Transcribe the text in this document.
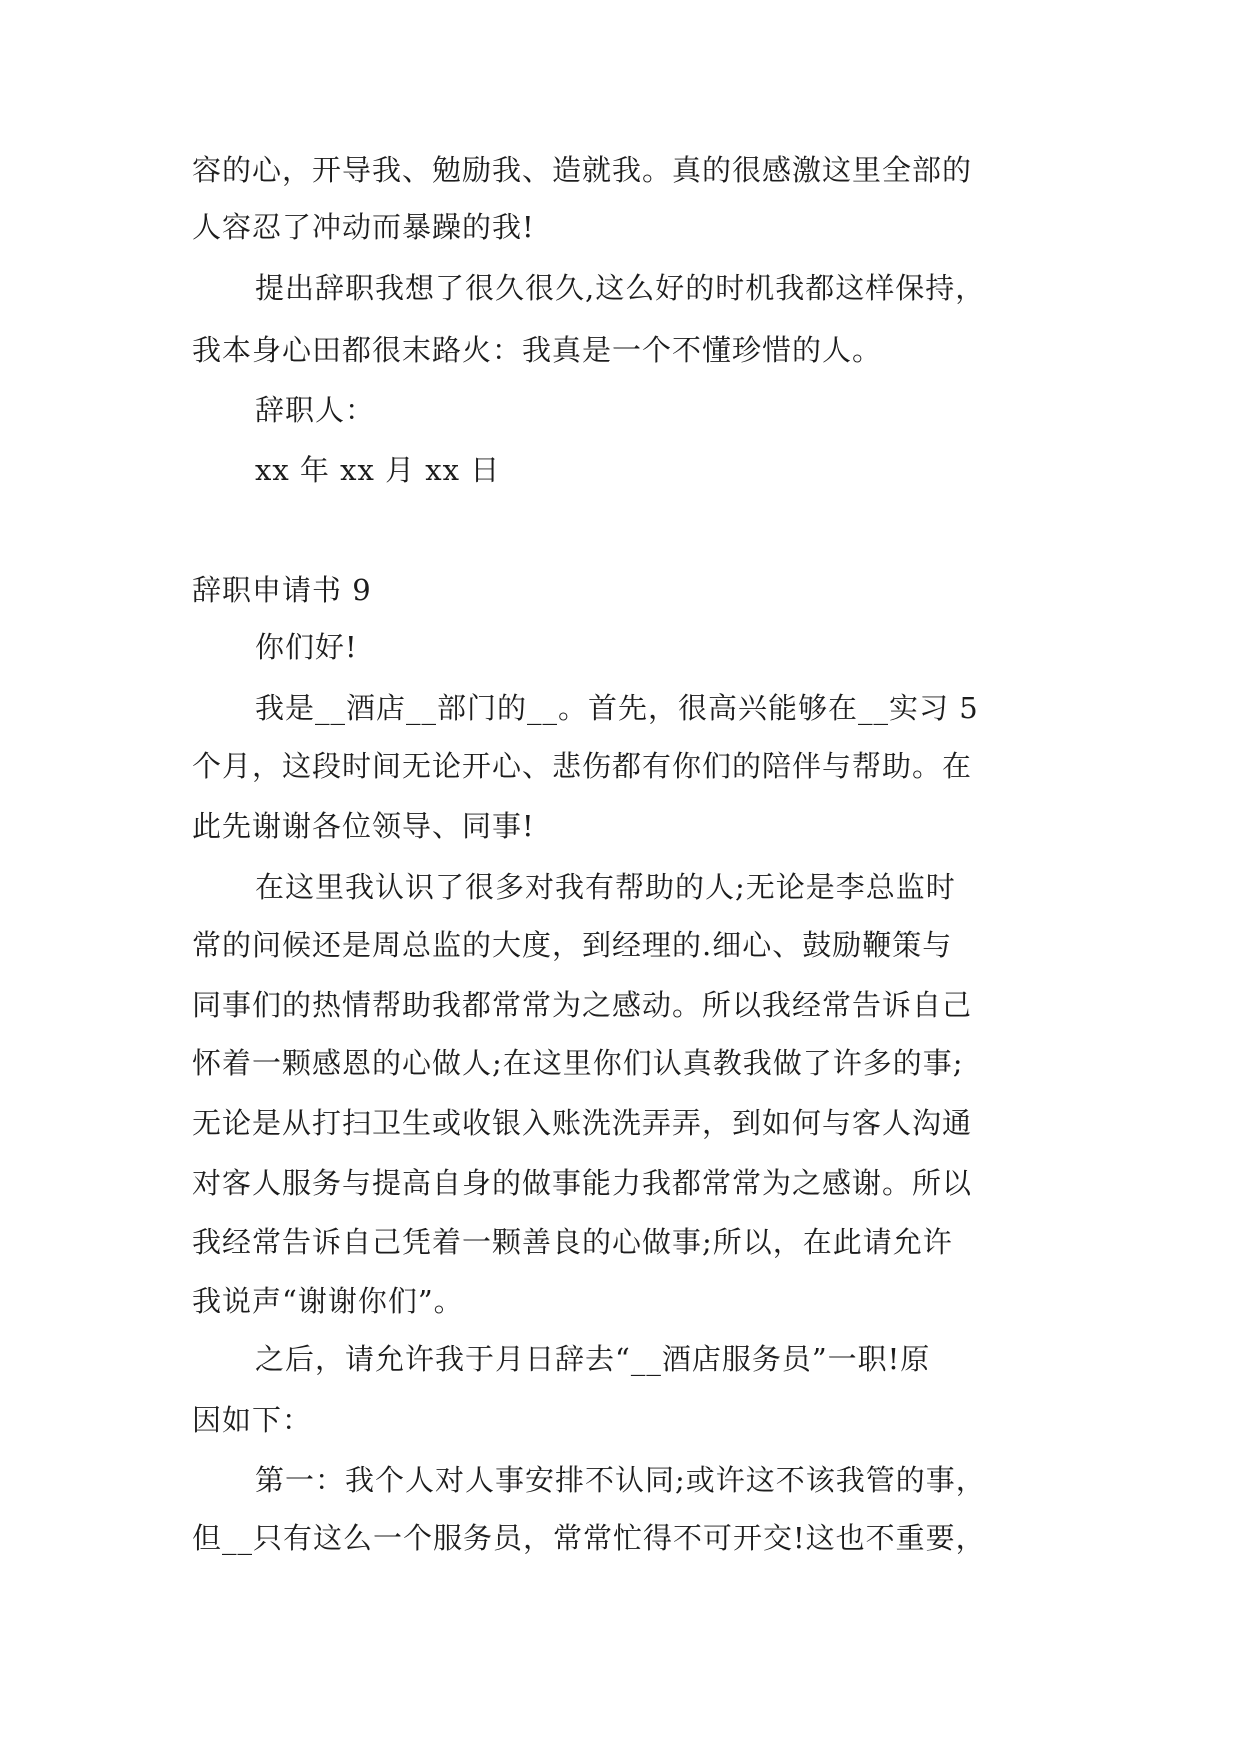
容的心，开导我、勉励我、造就我。真的很感激这里全部的
人容忍了冲动而暴躁的我!
提出辞职我想了很久很久,这么好的时机我都这样保持，
我本身心田都很末路火：我真是一个不懂珍惜的人。
辞职人：
xx 年 xx 月 xx 日
辞职申请书 9
你们好!
我是__酒店__部门的__。首先，很高兴能够在__实习 5
个月，这段时间无论开心、悲伤都有你们的陪伴与帮助。在
此先谢谢各位领导、同事!
在这里我认识了很多对我有帮助的人;无论是李总监时
常的问候还是周总监的大度，到经理的.细心、鼓励鞭策与
同事们的热情帮助我都常常为之感动。所以我经常告诉自己
怀着一颗感恩的心做人;在这里你们认真教我做了许多的事;
无论是从打扫卫生或收银入账洗洗弄弄，到如何与客人沟通
对客人服务与提高自身的做事能力我都常常为之感谢。所以
我经常告诉自己凭着一颗善良的心做事;所以，在此请允许
我说声“谢谢你们”。
之后，请允许我于月日辞去“__酒店服务员”一职!原
因如下：
第一：我个人对人事安排不认同;或许这不该我管的事，
但__只有这么一个服务员，常常忙得不可开交!这也不重要，
